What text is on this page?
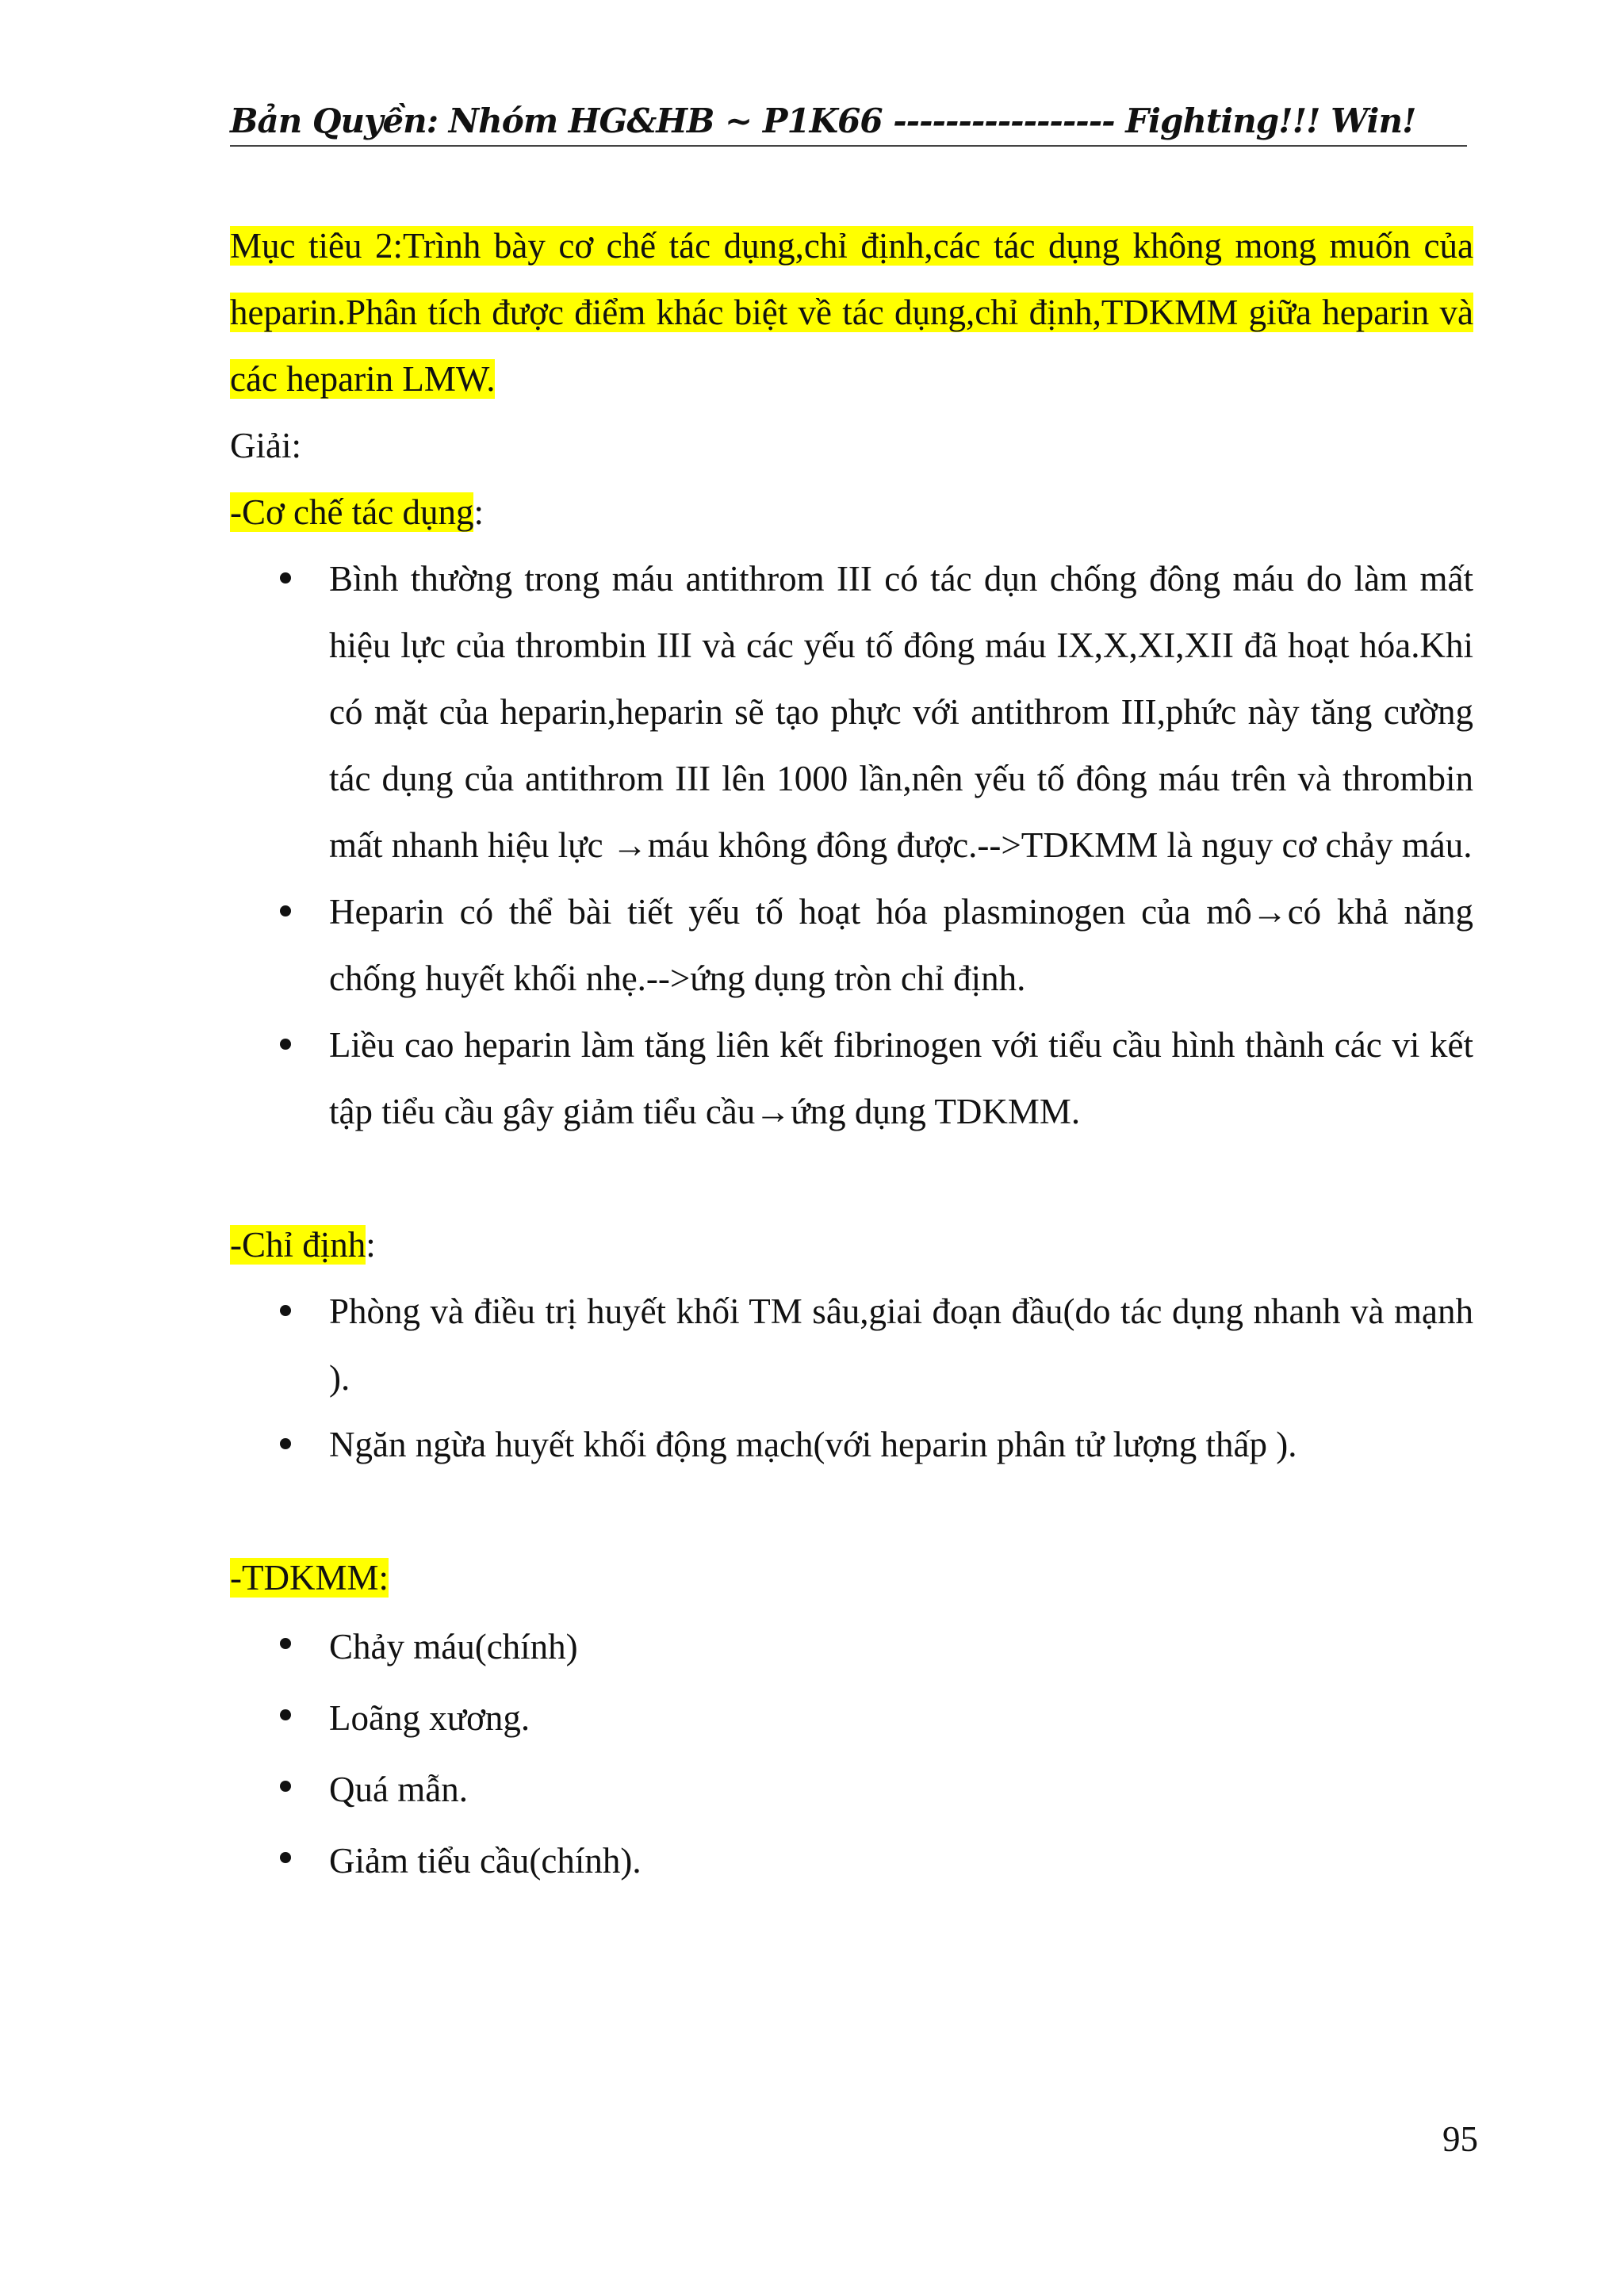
Bản Quyền: Nhóm HG&HB ~ P1K66 ----------------- Fighting!!! Win!

Mục tiêu 2:Trình bày cơ chế tác dụng,chỉ định,các tác dụng không mong muốn của heparin.Phân tích được điểm khác biệt về tác dụng,chỉ định,TDKMM giữa heparin và các heparin LMW.

Giải:

-Cơ chế tác dụng:

Bình thường trong máu antithrom III có tác dụn chống đông máu do làm mất hiệu lực của thrombin III và các yếu tố đông máu IX,X,XI,XII đã hoạt hóa.Khi có mặt của heparin,heparin sẽ tạo phực với antithrom III,phức này tăng cường tác dụng của antithrom III lên 1000 lần,nên yếu tố đông máu trên và thrombin mất nhanh hiệu lực →máu không đông được.-->TDKMM là nguy cơ chảy máu.
Heparin có thể bài tiết yếu tố hoạt hóa plasminogen của mô→có khả năng chống huyết khối nhẹ.-->ứng dụng tròn chỉ định.
Liều cao heparin làm tăng liên kết fibrinogen với tiểu cầu hình thành các vi kết tập tiểu cầu gây giảm tiểu cầu→ứng dụng TDKMM.

-Chỉ định:

Phòng và điều trị huyết khối TM sâu,giai đoạn đầu(do tác dụng nhanh và mạnh ).
Ngăn ngừa huyết khối động mạch(với heparin phân tử lượng thấp ).

-TDKMM:

Chảy máu(chính)
Loãng xương.
Quá mẫn.
Giảm tiểu cầu(chính).
95
